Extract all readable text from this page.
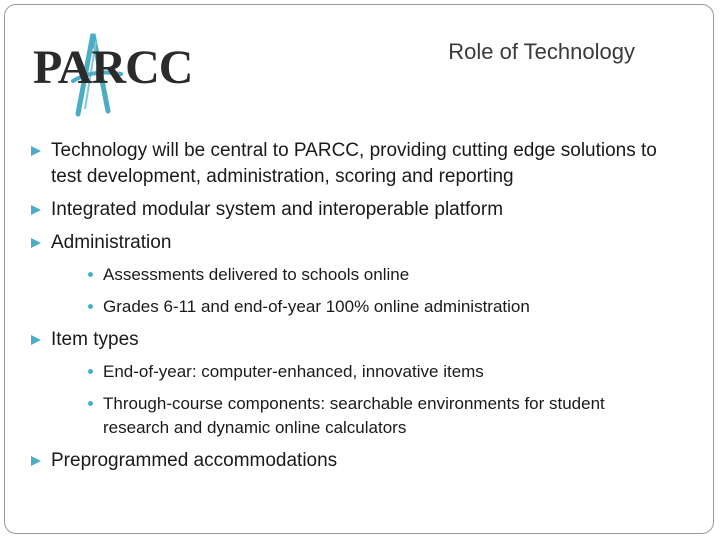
PARCC	Role of Technology
Technology will be central to PARCC, providing cutting edge solutions to test development, administration, scoring and reporting
Integrated modular system and interoperable platform
Administration
Assessments delivered to schools online
Grades 6-11 and end-of-year 100% online administration
Item types
End-of-year: computer-enhanced, innovative items
Through-course components: searchable environments for student research and dynamic online calculators
Preprogrammed accommodations
